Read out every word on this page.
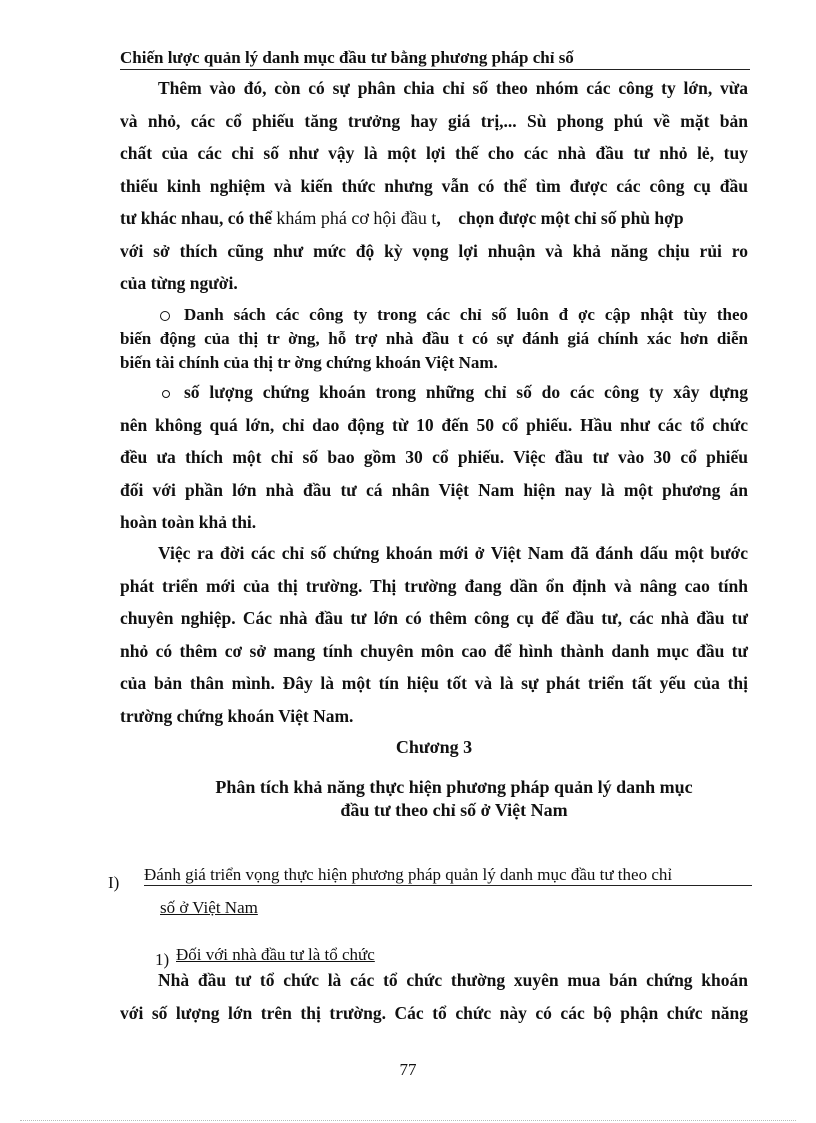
Chiến lược quản lý danh mục đầu tư bằng phương pháp chỉ số

Thêm vào đó, còn có sự phân chia chỉ số theo nhóm các công ty lớn, vừa

và nhỏ, các cổ phiếu tăng trưởng hay giá trị,... Sù phong phú về mặt bản

chất của các chỉ số như vậy là một lợi thế cho các nhà đầu tư nhỏ lẻ, tuy

thiếu kinh nghiệm và kiến thức nhưng vẫn có thể tìm được các công cụ đầu

tư khác nhau, có thể khám phá cơ hội đầu t,    chọn được một chỉ số phù hợp

với sở thích cũng như mức độ kỳ vọng lợi nhuận và khả năng chịu rủi ro

của từng người.

Danh sách các công ty trong các chỉ số luôn đ ợc cập nhật tùy theo
biến động của thị tr ờng, hỗ trợ nhà đầu t có sự đánh giá chính xác hơn diễn
biến tài chính của thị tr ờng chứng khoán Việt Nam.

số lượng chứng khoán trong những chỉ số do các công ty xây dựng

nên không quá lớn, chỉ dao động từ 10 đến 50 cổ phiếu. Hầu như các tổ chức

đều ưa thích một chỉ số bao gồm 30 cổ phiếu. Việc đầu tư vào 30 cổ phiếu

đối với phần lớn nhà đầu tư cá nhân Việt Nam hiện nay là một phương án

hoàn toàn khả thi.

Việc ra đời các chỉ số chứng khoán mới ở Việt Nam đã đánh dấu một bước

phát triển mới của thị trường. Thị trường đang dần ổn định và nâng cao tính

chuyên nghiệp. Các nhà đầu tư lớn có thêm công cụ để đầu tư, các nhà đầu tư

nhỏ có thêm cơ sở mang tính chuyên môn cao để hình thành danh mục đầu tư

của bản thân mình. Đây là một tín hiệu tốt và là sự phát triển tất yếu của thị

trường chứng khoán Việt Nam.

Chương 3
Phân tích khả năng thực hiện phương pháp quản lý danh mục
đầu tư theo chỉ số ở Việt Nam
I) Đánh giá triển vọng thực hiện phương pháp quản lý danh mục đầu tư theo chỉ
số ở Việt Nam
1) Đối với nhà đầu tư là tổ chức

Nhà đầu tư tổ chức là các tổ chức thường xuyên mua bán chứng khoán

với số lượng lớn trên thị trường. Các tổ chức này có các bộ phận chức năng

77
